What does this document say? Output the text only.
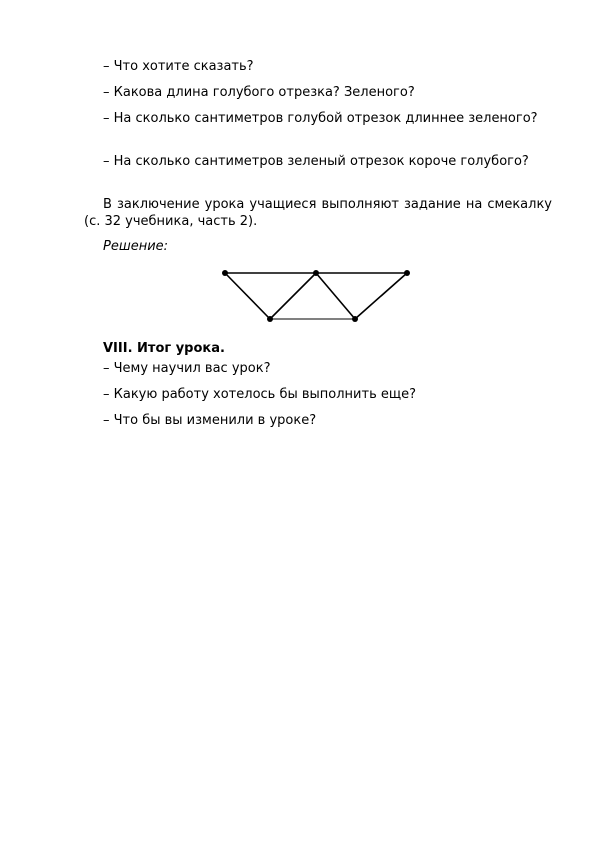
– Что хотите сказать?

– Какова длина голубого отрезка? Зеленого?

– На сколько сантиметров голубой отрезок длиннее зеленого?

– На сколько сантиметров зеленый отрезок короче голубого?

В заключение урока учащиеся выполняют задание на смекалку (с. 32 учебника, часть 2).

Решение:

VIII. Итог урока.

– Чему научил вас урок?

– Какую работу хотелось бы выполнить еще?

– Что бы вы изменили в уроке?
